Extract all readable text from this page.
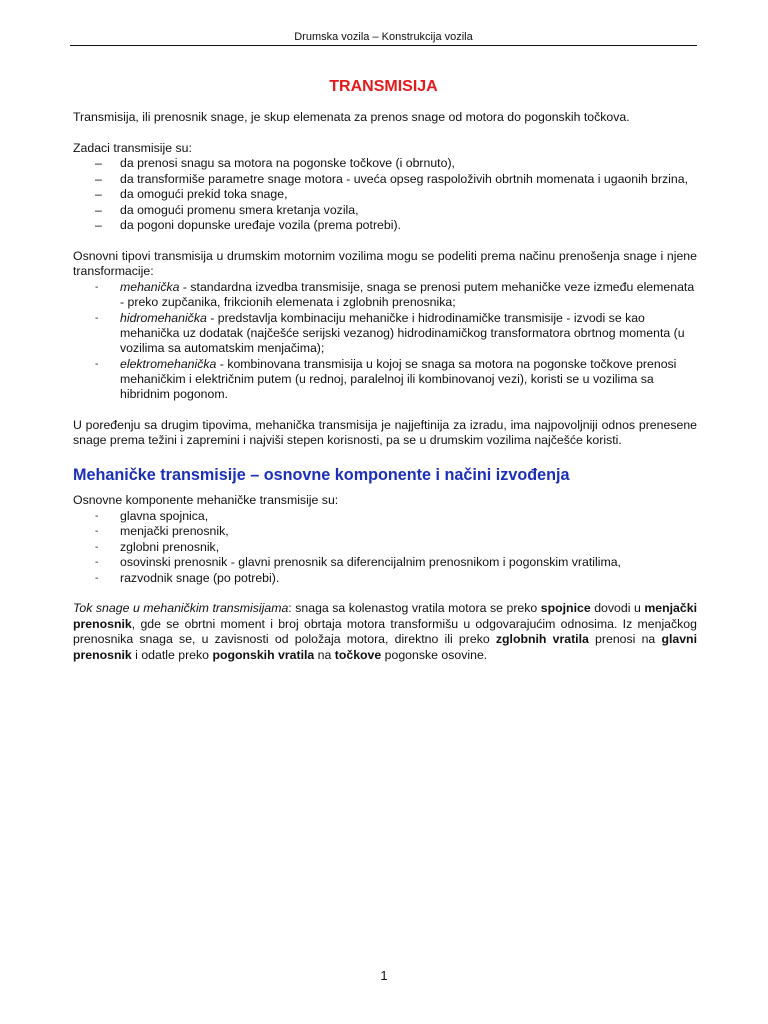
Drumska vozila – Konstrukcija vozila
TRANSMISIJA

Transmisija, ili prenosnik snage, je skup elemenata za prenos snage od motora do pogonskih točkova.

Zadaci transmisije su:

– da prenosi snagu sa motora na pogonske točkove (i obrnuto),
– da transformiše parametre snage motora - uveća opseg raspoloživih obrtnih momenata i ugaonih brzina,
– da omogući prekid toka snage,
– da omogući promenu smera kretanja vozila,
– da pogoni dopunske uređaje vozila (prema potrebi).

Osnovni tipovi transmisija u drumskim motornim vozilima mogu se podeliti prema načinu prenošenja snage i njene transformacije:

- mehanička - standardna izvedba transmisije, snaga se prenosi putem mehaničke veze između elemenata - preko zupčanika, frikcionih elemenata i zglobnih prenosnika;
- hidromehanička - predstavlja kombinaciju mehaničke i hidrodinamičke transmisije - izvodi se kao mehanička uz dodatak (najčešće serijski vezanog) hidrodinamičkog transformatora obrtnog momenta (u vozilima sa automatskim menjačima);
- elektromehanička - kombinovana transmisija u kojoj se snaga sa motora na pogonske točkove prenosi mehaničkim i električnim putem (u rednoj, paralelnoj ili kombinovanoj vezi), koristi se u vozilima sa hibridnim pogonom.

U poređenju sa drugim tipovima, mehanička transmisija je najjeftinija za izradu, ima najpovoljniji odnos prenesene snage prema težini i zapremini i najviši stepen korisnosti, pa se u drumskim vozilima najčešće koristi.

Mehaničke transmisije – osnovne komponente i načini izvođenja

Osnovne komponente mehaničke transmisije su:

- glavna spojnica,
- menjački prenosnik,
- zglobni prenosnik,
- osovinski prenosnik - glavni prenosnik sa diferencijalnim prenosnikom i pogonskim vratilima,
- razvodnik snage (po potrebi).

Tok snage u mehaničkim transmisijama: snaga sa kolenastog vratila motora se preko spojnice dovodi u menjački prenosnik, gde se obrtni moment i broj obrtaja motora transformišu u odgovarajućim odnosima. Iz menjačkog prenosnika snaga se, u zavisnosti od položaja motora, direktno ili preko zglobnih vratila prenosi na glavni prenosnik i odatle preko pogonskih vratila na točkove pogonske osovine.

1
